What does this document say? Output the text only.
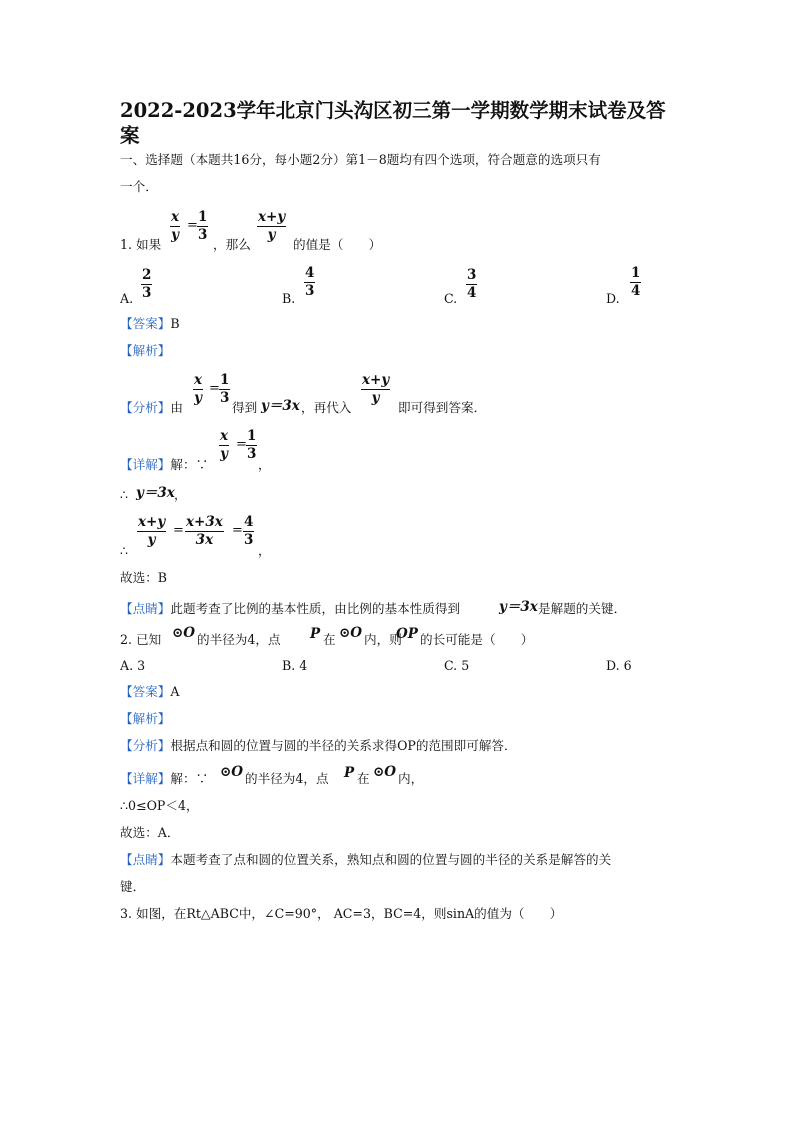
2022-2023学年北京门头沟区初三第一学期数学期末试卷及答案
一、选择题（本题共16分，每小题2分）第1－8题均有四个选项，符合题意的选项只有
一个．
$\frac{x}{y} = \frac{1}{3}$	$\frac{x+y}{y}$
1. 如果	，那么	的值是（　　）
A. $\frac{2}{3}$	B. $\frac{4}{3}$	C. $\frac{3}{4}$	D. $\frac{1}{4}$
【答案】B
【解析】
$\frac{x}{y} = \frac{1}{3}$	$\frac{x+y}{y}$
【分析】由	得到 y＝3x ，再代入	即可得到答案．
$\frac{x}{y} = \frac{1}{3}$
【详解】解：∵	，
∴ y＝3x ，
∴
$\frac{x+y}{y} = \frac{x+3x}{3x} = \frac{4}{3}$
，
故选：B
【点睛】此题考查了比例的基本性质，由比例的基本性质得到	y＝3x 是解题的关键．
2. 已知 ⊙O 的半径为4，点 P 在 ⊙O 内，则
OP 的长可能是（　　）
A. 3	B. 4	C. 5	D. 6
【答案】A
【解析】
【分析】根据点和圆的位置与圆的半径的关系求得OP的范围即可解答．
【详解】解：∵ ⊙O 的半径为4，点 P 在 ⊙O 内，
∴0≤OP＜4，
故选：A．
【点睛】本题考查了点和圆的位置关系，熟知点和圆的位置与圆的半径的关系是解答的关
键．
3. 如图，在Rt△ABC中，∠C=90°， AC=3，BC=4，则sinA的值为（　　）
